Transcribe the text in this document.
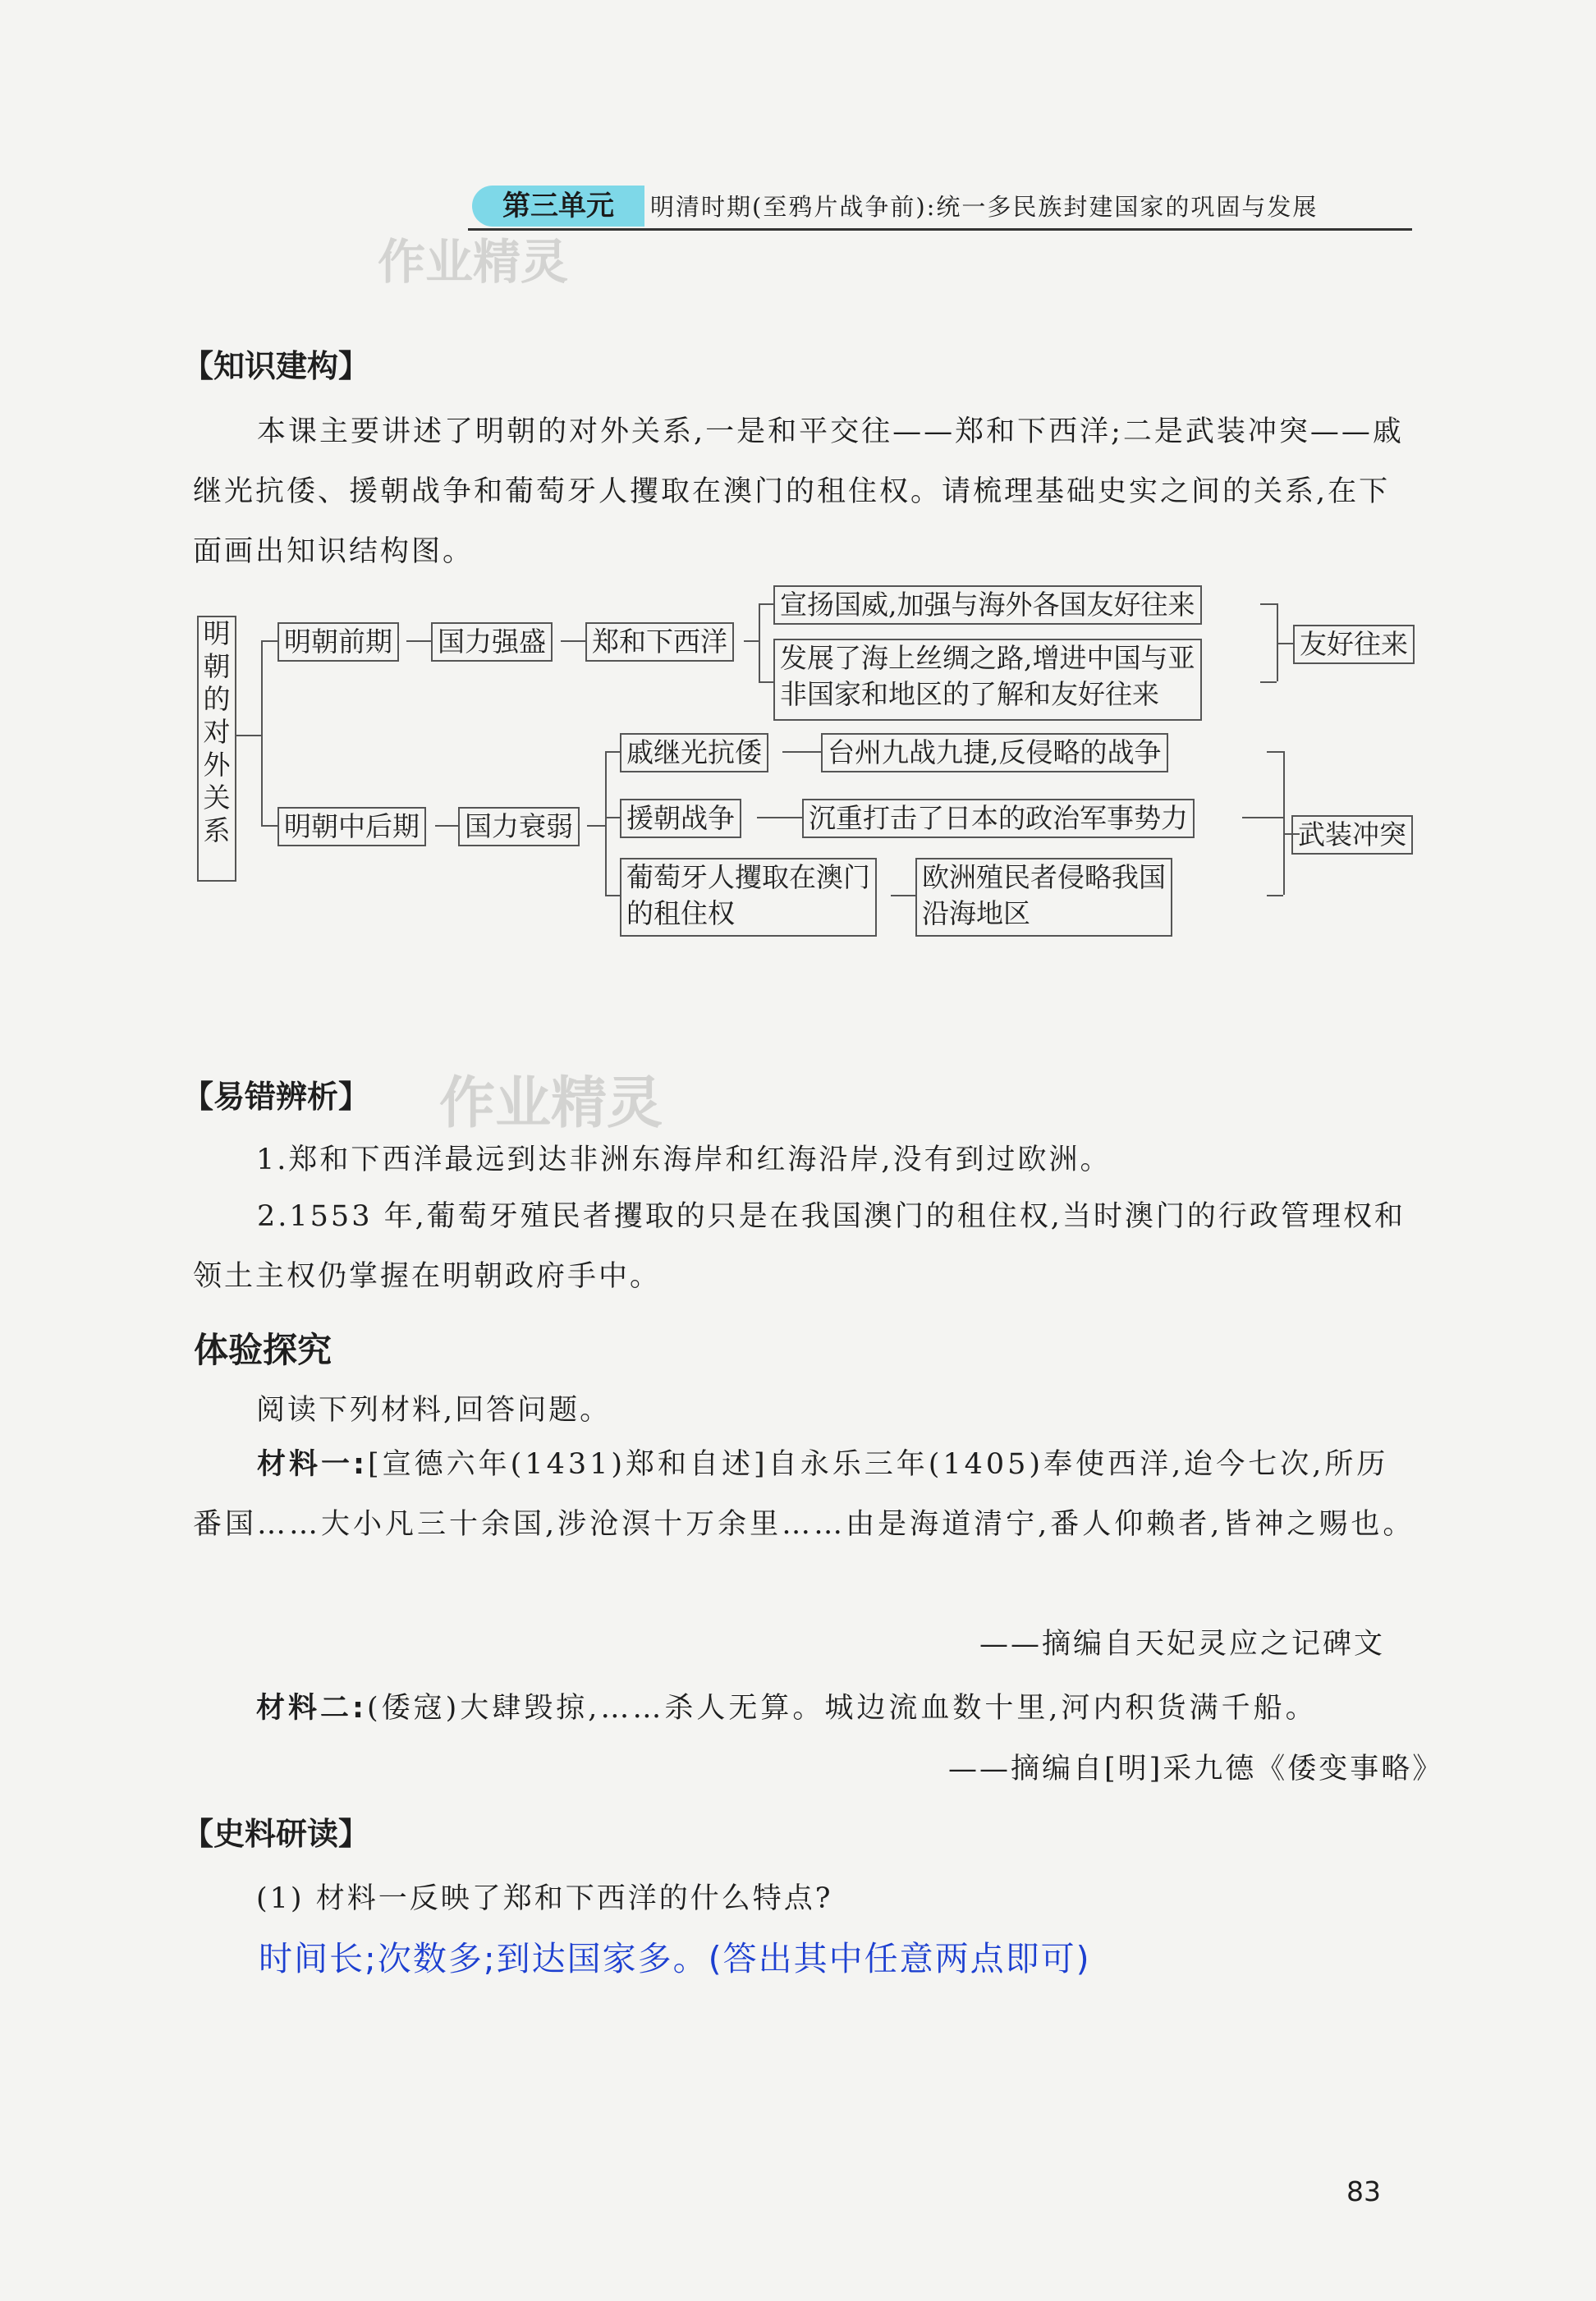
第三单元	明清时期(至鸦片战争前):统一多民族封建国家的巩固与发展
作业精灵
作业精灵
【知识建构】
本课主要讲述了明朝的对外关系,一是和平交往——郑和下西洋;二是武装冲突——戚继光抗倭、援朝战争和葡萄牙人攫取在澳门的租住权。请梳理基础史实之间的关系,在下面画出知识结构图。
明朝的对外关系
明朝前期 国力强盛 郑和下西洋
宣扬国威,加强与海外各国友好往来
发展了海上丝绸之路,增进中国与亚
非国家和地区的了解和友好往来
友好往来
明朝中后期 国力衰弱
戚继光抗倭 台州九战九捷,反侵略的战争
援朝战争	沉重打击了日本的政治军事势力
葡萄牙人攫取在澳门
的租住权
欧洲殖民者侵略我国
沿海地区
武装冲突
【易错辨析】
1.郑和下西洋最远到达非洲东海岸和红海沿岸,没有到过欧洲。
2.1553 年,葡萄牙殖民者攫取的只是在我国澳门的租住权,当时澳门的行政管理权和领土主权仍掌握在明朝政府手中。
体验探究
阅读下列材料,回答问题。
材料一:[宣德六年(1431)郑和自述]自永乐三年(1405)奉使西洋,迨今七次,所历番国……大小凡三十余国,涉沧溟十万余里……由是海道清宁,番人仰赖者,皆神之赐也。
——摘编自天妃灵应之记碑文
材料二:(倭寇)大肆毁掠,……杀人无算。城边流血数十里,河内积货满千船。
——摘编自[明]采九德《倭变事略》
【史料研读】
(1) 材料一反映了郑和下西洋的什么特点?
时间长;次数多;到达国家多。(答出其中任意两点即可)
83
